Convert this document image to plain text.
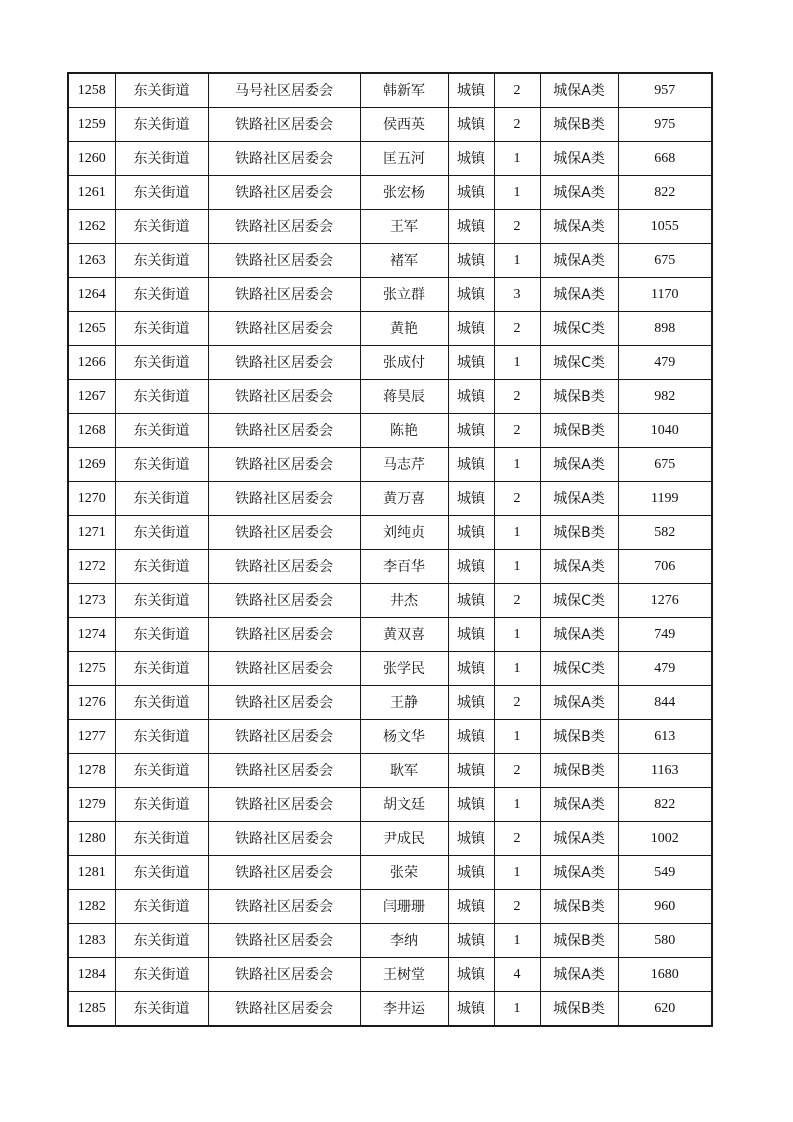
1258	东关街道	马号社区居委会	韩新军	城镇	2	城保A类	957
1259	东关街道	铁路社区居委会	侯西英	城镇	2	城保B类	975
1260	东关街道	铁路社区居委会	匡五河	城镇	1	城保A类	668
1261	东关街道	铁路社区居委会	张宏杨	城镇	1	城保A类	822
1262	东关街道	铁路社区居委会	王军	城镇	2	城保A类	1055
1263	东关街道	铁路社区居委会	褚军	城镇	1	城保A类	675
1264	东关街道	铁路社区居委会	张立群	城镇	3	城保A类	1170
1265	东关街道	铁路社区居委会	黄艳	城镇	2	城保C类	898
1266	东关街道	铁路社区居委会	张成付	城镇	1	城保C类	479
1267	东关街道	铁路社区居委会	蒋昊辰	城镇	2	城保B类	982
1268	东关街道	铁路社区居委会	陈艳	城镇	2	城保B类	1040
1269	东关街道	铁路社区居委会	马志芹	城镇	1	城保A类	675
1270	东关街道	铁路社区居委会	黄万喜	城镇	2	城保A类	1199
1271	东关街道	铁路社区居委会	刘纯贞	城镇	1	城保B类	582
1272	东关街道	铁路社区居委会	李百华	城镇	1	城保A类	706
1273	东关街道	铁路社区居委会	井杰	城镇	2	城保C类	1276
1274	东关街道	铁路社区居委会	黄双喜	城镇	1	城保A类	749
1275	东关街道	铁路社区居委会	张学民	城镇	1	城保C类	479
1276	东关街道	铁路社区居委会	王静	城镇	2	城保A类	844
1277	东关街道	铁路社区居委会	杨文华	城镇	1	城保B类	613
1278	东关街道	铁路社区居委会	耿军	城镇	2	城保B类	1163
1279	东关街道	铁路社区居委会	胡文廷	城镇	1	城保A类	822
1280	东关街道	铁路社区居委会	尹成民	城镇	2	城保A类	1002
1281	东关街道	铁路社区居委会	张荣	城镇	1	城保A类	549
1282	东关街道	铁路社区居委会	闫珊珊	城镇	2	城保B类	960
1283	东关街道	铁路社区居委会	李纳	城镇	1	城保B类	580
1284	东关街道	铁路社区居委会	王树堂	城镇	4	城保A类	1680
1285	东关街道	铁路社区居委会	李井运	城镇	1	城保B类	620
